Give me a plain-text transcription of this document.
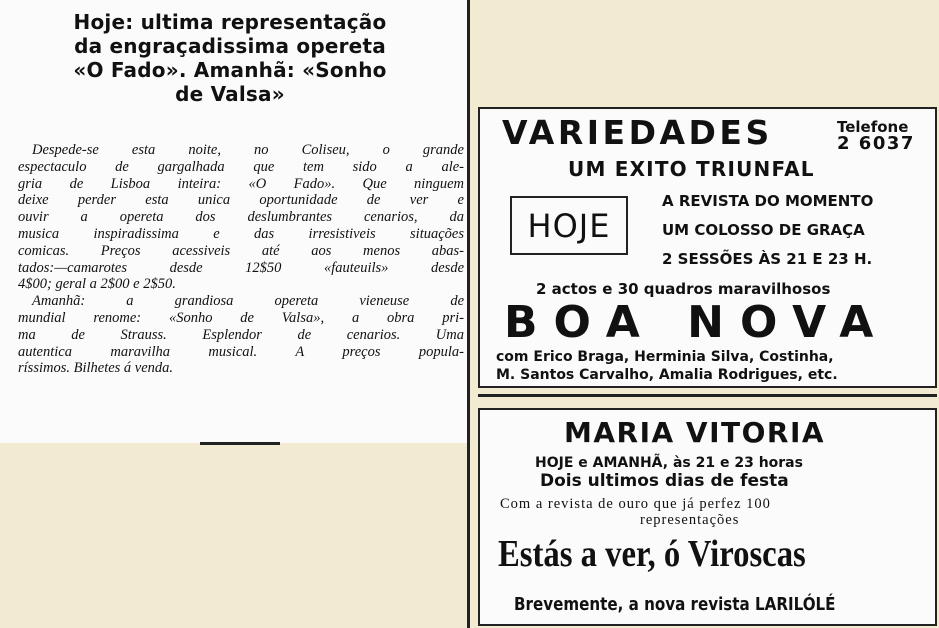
Hoje: ultima representação
da engraçadissima opereta
«O Fado». Amanhã: «Sonho
de Valsa»
Despede-se esta noite, no Coliseu, o grande
espectaculo de gargalhada que tem sido a ale-
gria de Lisboa inteira: «O Fado». Que ninguem
deixe perder esta unica oportunidade de ver e
ouvir a opereta dos deslumbrantes cenarios, da
musica inspiradissima e das irresistiveis situações
comicas. Preços acessiveis até aos menos abas-
tados:—camarotes desde 12$50 «fauteuils» desde
4$00; geral a 2$00 e 2$50.
Amanhã: a grandiosa opereta vieneuse de
mundial renome: «Sonho de Valsa», a obra pri-
ma de Strauss. Esplendor de cenarios. Uma
autentica maravilha musical. A preços popula-
ríssimos. Bilhetes á venda.
VARIEDADES	Telefone
2 6037
UM EXITO TRIUNFAL
HOJE
A REVISTA DO MOMENTO
UM COLOSSO DE GRAÇA
2 SESSÕES ÀS 21 E 23 H.
2 actos e 30 quadros maravilhosos
BOA NOVA
com Erico Braga, Herminia Silva, Costinha,
M. Santos Carvalho, Amalia Rodrigues, etc.
MARIA VITORIA
HOJE e AMANHÃ, às 21 e 23 horas
Dois ultimos dias de festa
Com a revista de ouro que já perfez 100
representações
Estás a ver, ó Viroscas
Brevemente, a nova revista LARILÓLÉ
